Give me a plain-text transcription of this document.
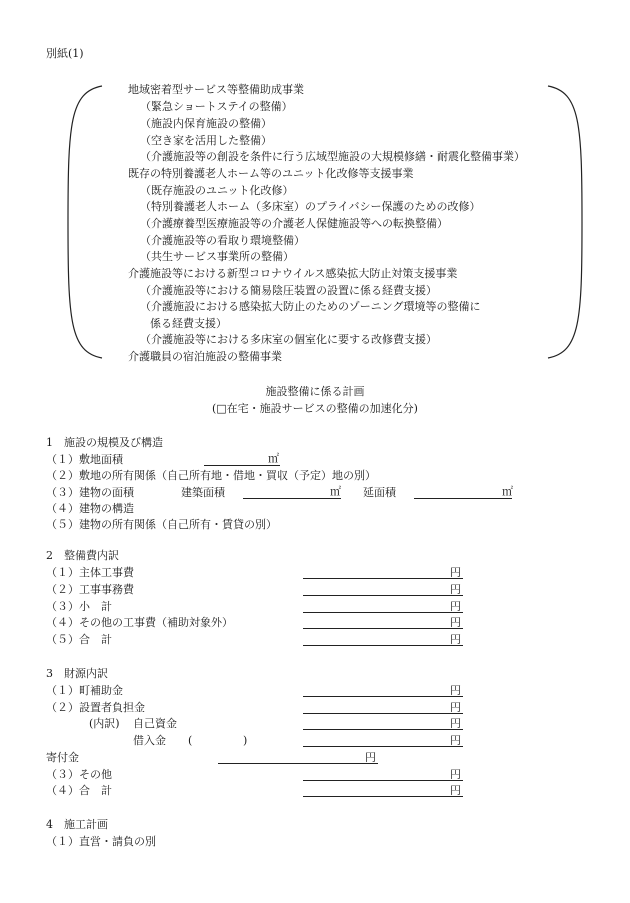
別紙(1)
地域密着型サービス等整備助成事業
（緊急ショートステイの整備）
（施設内保育施設の整備）
（空き家を活用した整備）
（介護施設等の創設を条件に行う広域型施設の大規模修繕・耐震化整備事業）
既存の特別養護老人ホーム等のユニット化改修等支援事業
（既存施設のユニット化改修）
（特別養護老人ホーム（多床室）のプライバシー保護のための改修）
（介護療養型医療施設等の介護老人保健施設等への転換整備）
（介護施設等の看取り環境整備）
（共生サービス事業所の整備）
介護施設等における新型コロナウイルス感染拡大防止対策支援事業
（介護施設等における簡易陰圧装置の設置に係る経費支援）
（介護施設における感染拡大防止のためのゾーニング環境等の整備に
係る経費支援）
（介護施設等における多床室の個室化に要する改修費支援）
介護職員の宿泊施設の整備事業
施設整備に係る計画
(□在宅・施設サービスの整備の加速化分)
1　施設の規模及び構造
（１）敷地面積	㎡
（２）敷地の所有関係（自己所有地・借地・買収（予定）地の別）
（３）建物の面積	建築面積	㎡ 延面積	㎡
（４）建物の構造
（５）建物の所有関係（自己所有・賃貸の別）
2　整備費内訳
（１）主体工事費	円
（２）工事事務費	円
（３）小　計	円
（４）その他の工事費（補助対象外）	円
（５）合　計	円
3　財源内訳
（１）町補助金	円
（２）設置者負担金	円
(内訳) 自己資金	円
借入金 (	)	円
寄付金	円
（３）その他	円
（４）合　計	円
4　施工計画
（１）直営・請負の別
